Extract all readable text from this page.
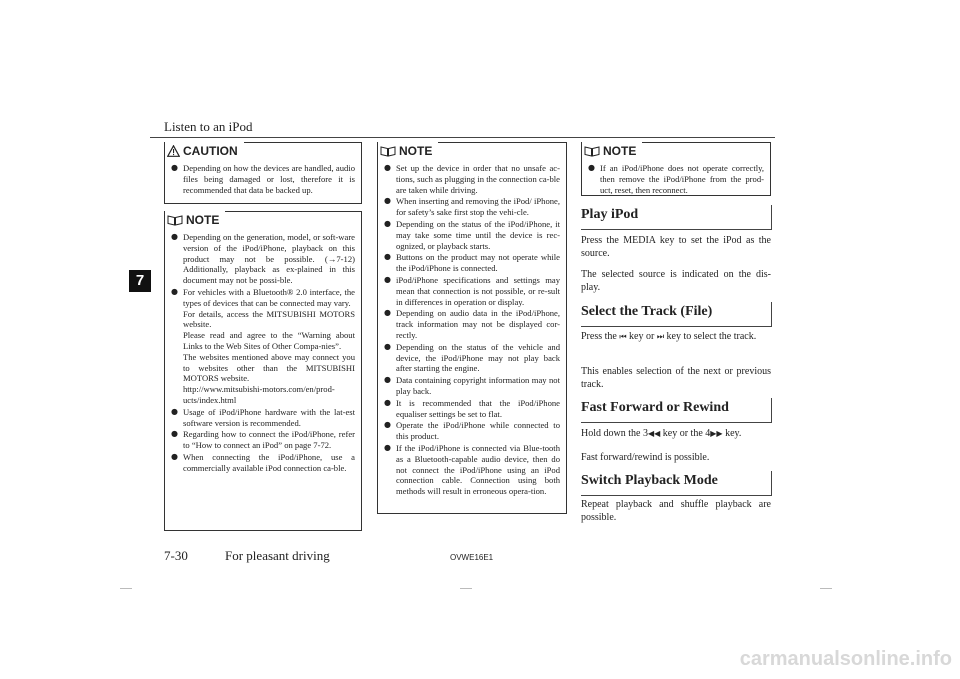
Listen to an iPod
7
CAUTION
● Depending on how the devices are handled, audio files being damaged or lost, therefore it is recommended that data be backed up.
NOTE
● Depending on the generation, model, or soft-ware version of the iPod/iPhone, playback on this product may not be possible. (→7-12) Additionally, playback as ex-plained in this document may not be possi-ble.
● For vehicles with a Bluetooth® 2.0 interface, the types of devices that can be connected may vary.
For details, access the MITSUBISHI MOTORS website.
Please read and agree to the “Warning about Links to the Web Sites of Other Compa-nies”.
The websites mentioned above may connect you to websites other than the MITSUBISHI MOTORS website.
http://www.mitsubishi-motors.com/en/prod-ucts/index.html
● Usage of iPod/iPhone hardware with the lat-est software version is recommended.
● Regarding how to connect the iPod/iPhone, refer to “How to connect an iPod” on page 7-72.
● When connecting the iPod/iPhone, use a commercially available iPod connection ca-ble.
NOTE
● Set up the device in order that no unsafe ac-tions, such as plugging in the connection ca-ble are taken while driving.
● When inserting and removing the iPod/ iPhone, for safety’s sake first stop the vehi-cle.
● Depending on the status of the iPod/iPhone, it may take some time until the device is rec-ognized, or playback starts.
● Buttons on the product may not operate while the iPod/iPhone is connected.
● iPod/iPhone specifications and settings may mean that connection is not possible, or re-sult in differences in operation or display.
● Depending on audio data in the iPod/iPhone, track information may not be displayed cor-rectly.
● Depending on the status of the vehicle and device, the iPod/iPhone may not play back after starting the engine.
● Data containing copyright information may not play back.
● It is recommended that the iPod/iPhone equaliser settings be set to flat.
● Operate the iPod/iPhone while connected to this product.
● If the iPod/iPhone is connected via Blue-tooth as a Bluetooth-capable audio device, then do not connect the iPod/iPhone using an iPod connection cable. Connection using both methods will result in erroneous opera-tion.
NOTE
● If an iPod/iPhone does not operate correctly, then remove the iPod/iPhone from the prod-uct, reset, then reconnect.
Play iPod
Press the MEDIA key to set the iPod as the source.
The selected source is indicated on the dis-play.
Select the Track (File)
Press the ⏮ key or ⏭ key to select the track.
This enables selection of the next or previous track.
Fast Forward or Rewind
Hold down the 3◀◀ key or the 4▶▶ key.
Fast forward/rewind is possible.
Switch Playback Mode
Repeat playback and shuffle playback are possible.
7-30	For pleasant driving	OVWE16E1
carmanualsonline.info
